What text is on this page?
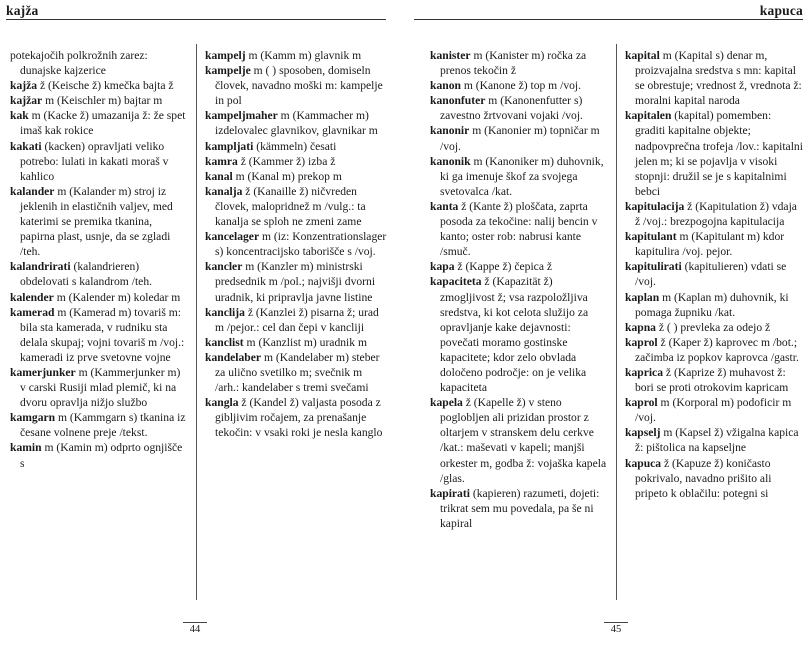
kajža

potekajočih polkrožnih zarez: dunajske kajzerice

kajža ž (Keische ž) kmečka bajta ž

kajžar m (Keischler m) bajtar m

kak m (Kacke ž) umazanija ž: že spet imaš kak rokice

kakati (kacken) opravljati veliko potrebo: lulati in kakati moraš v kahlico

kalander m (Kalander m) stroj iz jeklenih in elastičnih valjev, med katerimi se premika tkanina, papirna plast, usnje, da se zgladi /teh.

kalandrirati (kalandrieren) obdelovati s kalandrom /teh.

kalender m (Kalender m) koledar m

kamerad m (Kamerad m) tovariš m: bila sta kamerada, v rudniku sta delala skupaj; vojni tovariš m /voj.: kameradi iz prve svetovne vojne

kamerjunker m (Kammerjunker m) v carski Rusiji mlad plemič, ki na dvoru opravlja nižjo službo

kamgarn m (Kammgarn s) tkanina iz česane volnene preje /tekst.

kamin m (Kamin m) odprto ognjišče s

kampelj m (Kamm m) glavnik m

kampelje m ( ) sposoben, domiseln človek, navadno moški m: kampelje in pol

kampeljmaher m (Kammacher m) izdelovalec glavnikov, glavnikar m

kampljati (kämmeln) česati

kamra ž (Kammer ž) izba ž

kanal m (Kanal m) prekop m

kanalja ž (Kanaille ž) ničvreden človek, malopridnež m /vulg.: ta kanalja se sploh ne zmeni zame

kancelager m (iz: Konzentrationslager s) koncentracijsko taborišče s /voj.

kancler m (Kanzler m) ministrski predsednik m /pol.; najvišji dvorni uradnik, ki pripravlja javne listine

kanclija ž (Kanzlei ž) pisarna ž; urad m /pejor.: cel dan čepi v kancliji

kanclist m (Kanzlist m) uradnik m

kandelaber m (Kandelaber m) steber za ulično svetilko m; svečnik m /arh.: kandelaber s tremi svečami

kangla ž (Kandel ž) valjasta posoda z gibljivim ročajem, za prenašanje tekočin: v vsaki roki je nesla kanglo

44
kapuca

kanister m (Kanister m) ročka za prenos tekočin ž

kanon m (Kanone ž) top m /voj.

kanonfuter m (Kanonenfutter s) zavestno žrtvovani vojaki /voj.

kanonir m (Kanonier m) topničar m /voj.

kanonik m (Kanoniker m) duhovnik, ki ga imenuje škof za svojega svetovalca /kat.

kanta ž (Kante ž) ploščata, zaprta posoda za tekočine: nalij bencin v kanto; oster rob: nabrusi kante /smuč.

kapa ž (Kappe ž) čepica ž

kapaciteta ž (Kapazität ž) zmogljivost ž; vsa razpoložljiva sredstva, ki kot celota služijo za opravljanje kake dejavnosti: povečati moramo gostinske kapacitete; kdor zelo obvlada določeno področje: on je velika kapaciteta

kapela ž (Kapelle ž) v steno poglobljen ali prizidan prostor z oltarjem v stranskem delu cerkve /kat.: maševati v kapeli; manjši orkester m, godba ž: vojaška kapela /glas.

kapirati (kapieren) razumeti, dojeti: trikrat sem mu povedala, pa še ni kapiral

kapital m (Kapital s) denar m, proizvajalna sredstva s mn: kapital se obrestuje; vrednost ž, vrednota ž: moralni kapital naroda

kapitalen (kapital) pomemben: graditi kapitalne objekte; nadpovprečna trofeja /lov.: kapitalni jelen m; ki se pojavlja v visoki stopnji: družil se je s kapitalnimi bebci

kapitulacija ž (Kapitulation ž) vdaja ž /voj.: brezpogojna kapitulacija

kapitulant m (Kapitulant m) kdor kapitulira /voj. pejor.

kapitulirati (kapitulieren) vdati se /voj.

kaplan m (Kaplan m) duhovnik, ki pomaga župniku /kat.

kapna ž ( ) prevleka za odejo ž

kaprol ž (Kaper ž) kaprovec m /bot.; začimba iz popkov kaprovca /gastr.

kaprica ž (Kaprize ž) muhavost ž: bori se proti otrokovim kapricam

kaprol m (Korporal m) podoficir m /voj.

kapselj m (Kapsel ž) vžigalna kapica ž: pištolica na kapseljne

kapuca ž (Kapuze ž) koničasto pokrivalo, navadno prišito ali pripeto k oblačilu: potegni si

45
